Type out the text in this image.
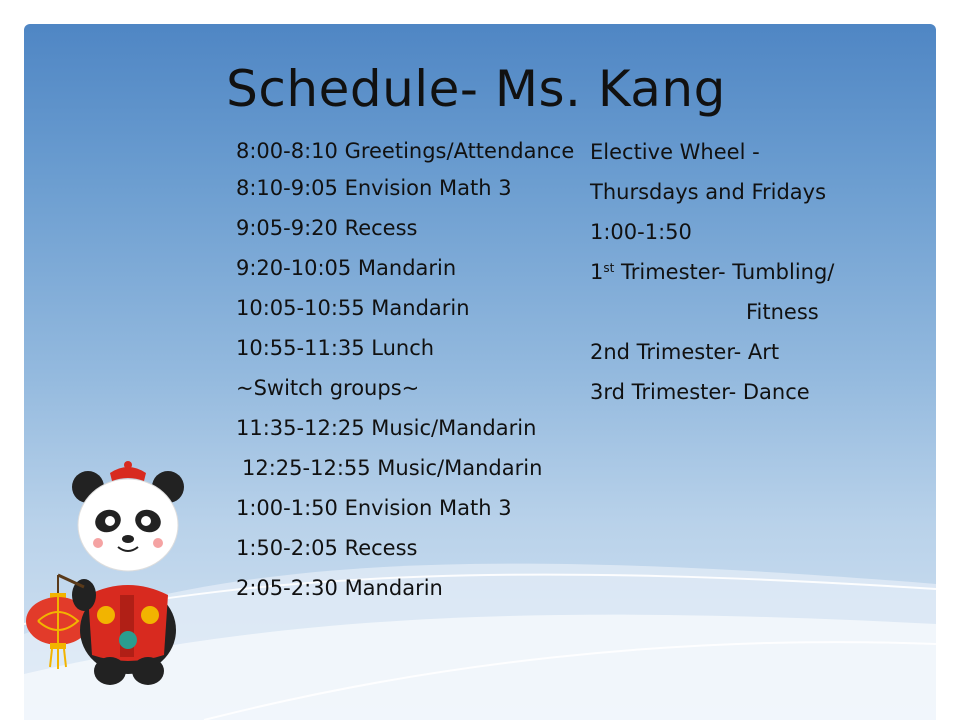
Schedule- Ms. Kang
8:00-8:10 Greetings/Attendance
8:10-9:05 Envision Math 3
9:05-9:20 Recess
9:20-10:05 Mandarin
10:05-10:55 Mandarin
10:55-11:35 Lunch
~Switch groups~
11:35-12:25 Music/Mandarin
12:25-12:55 Music/Mandarin
1:00-1:50 Envision Math 3
1:50-2:05 Recess
2:05-2:30 Mandarin
Elective Wheel -
Thursdays and Fridays
1:00-1:50
1st Trimester- Tumbling/
Fitness
2nd Trimester- Art
3rd Trimester- Dance
